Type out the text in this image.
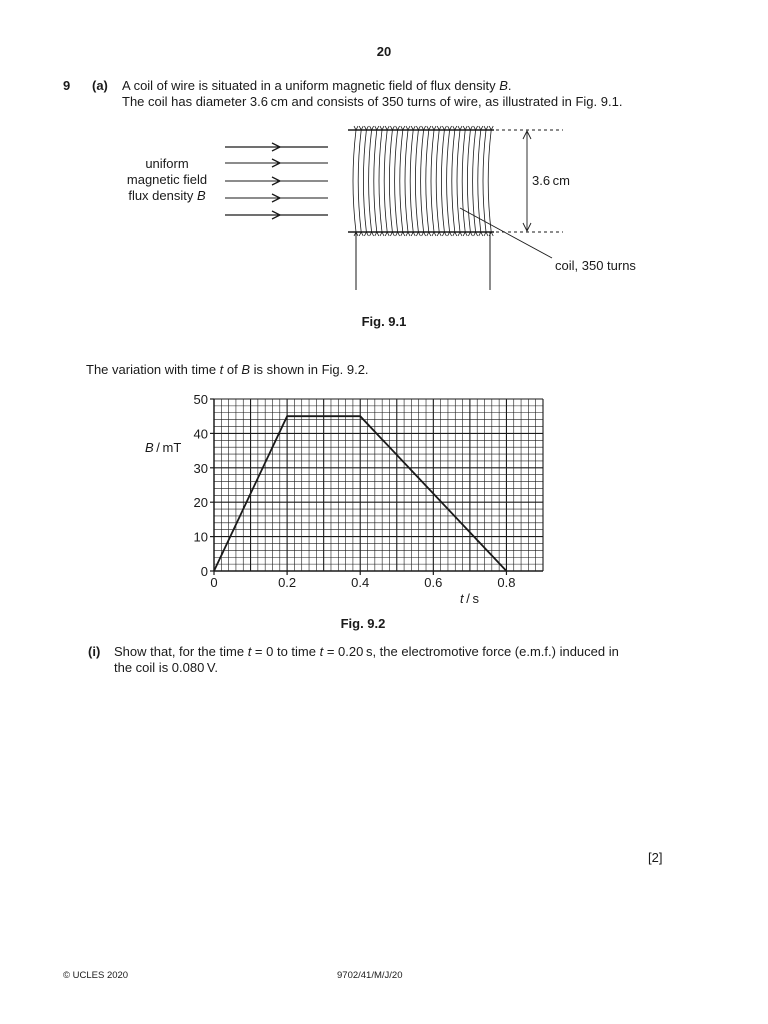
20
9 (a) A coil of wire is situated in a uniform magnetic field of flux density B.
The coil has diameter 3.6 cm and consists of 350 turns of wire, as illustrated in Fig. 9.1.
uniform
magnetic field
flux density B
3.6 cm
coil, 350 turns
Fig. 9.1
The variation with time t of B is shown in Fig. 9.2.
0	0.2	0.4	0.6	0.8
0
10
20
30
40
50
B / mT
t / s
Fig. 9.2
(i) Show that, for the time t = 0 to time t = 0.20 s, the electromotive force (e.m.f.) induced in
the coil is 0.080 V.
[2]
© UCLES 2020	9702/41/M/J/20
